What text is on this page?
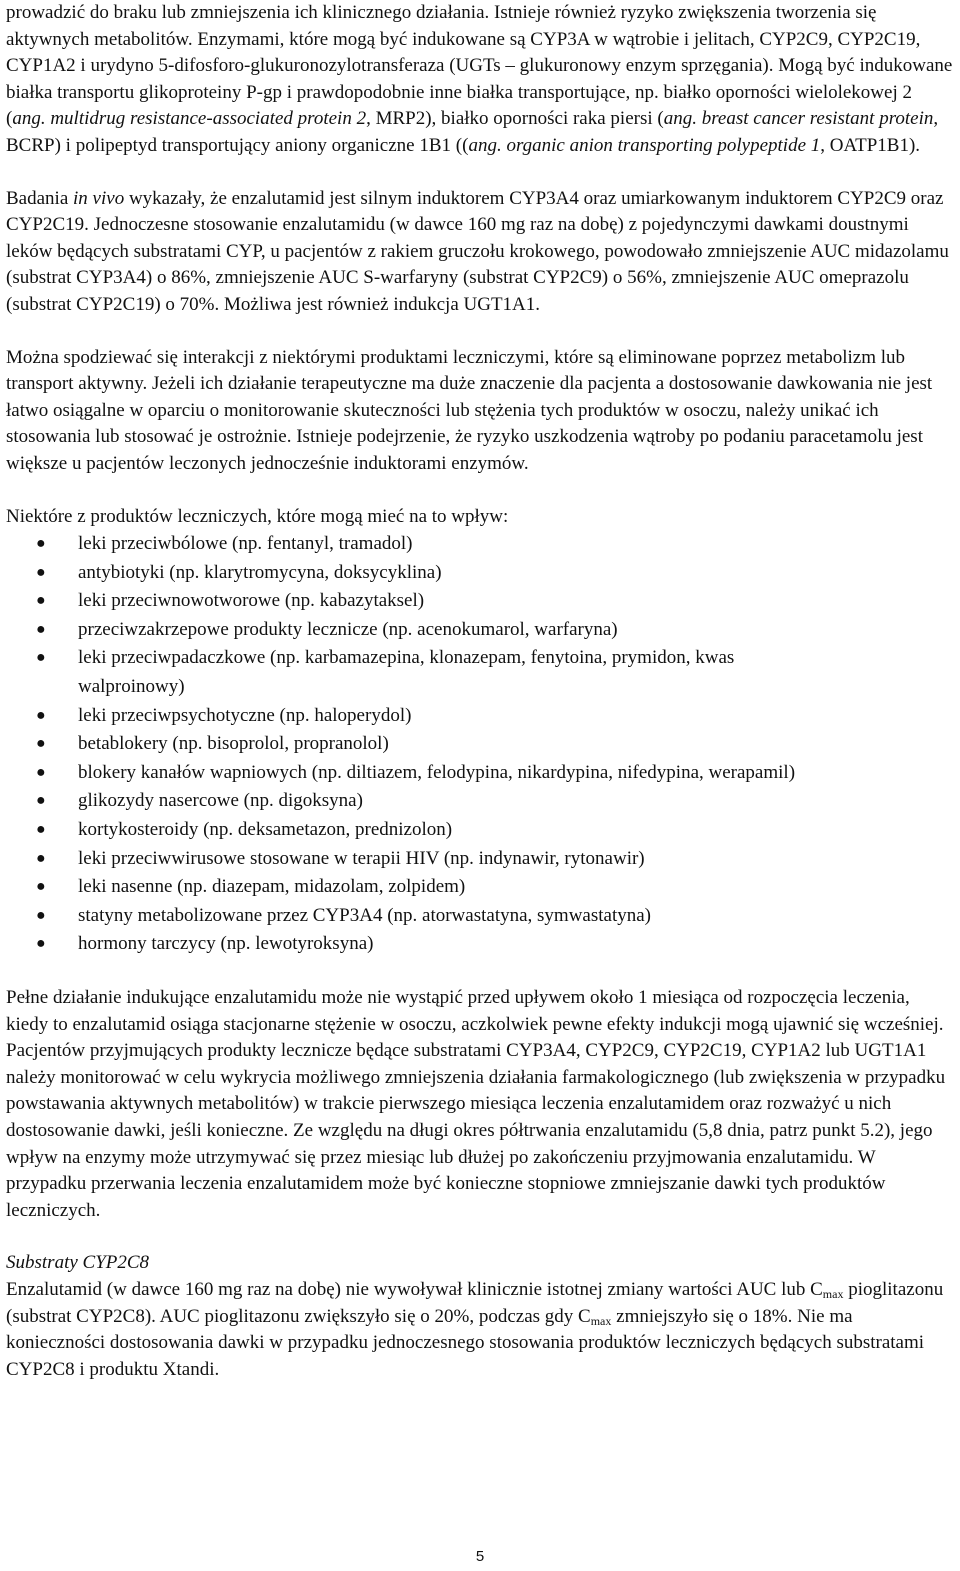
prowadzić do braku lub zmniejszenia ich klinicznego działania. Istnieje również ryzyko zwiększenia tworzenia się aktywnych metabolitów. Enzymami, które mogą być indukowane są CYP3A w wątrobie i jelitach, CYP2C9, CYP2C19, CYP1A2 i urydyno 5-difosforo-glukuronozylotransferaza (UGTs – glukuronowy enzym sprzęgania). Mogą być indukowane białka transportu glikoproteiny P-gp i prawdopodobnie inne białka transportujące, np. białko oporności wielolekowej 2 (ang. multidrug resistance-associated protein 2, MRP2), białko oporności raka piersi (ang. breast cancer resistant protein, BCRP) i polipeptyd transportujący aniony organiczne 1B1 ((ang. organic anion transporting polypeptide 1, OATP1B1).

Badania in vivo wykazały, że enzalutamid jest silnym induktorem CYP3A4 oraz umiarkowanym induktorem CYP2C9 oraz CYP2C19. Jednoczesne stosowanie enzalutamidu (w dawce 160 mg raz na dobę) z pojedynczymi dawkami doustnymi leków będących substratami CYP, u pacjentów z rakiem gruczołu krokowego, powodowało zmniejszenie AUC midazolamu (substrat CYP3A4) o 86%, zmniejszenie AUC S-warfaryny (substrat CYP2C9) o 56%, zmniejszenie AUC omeprazolu (substrat CYP2C19) o 70%. Możliwa jest również indukcja UGT1A1.

Można spodziewać się interakcji z niektórymi produktami leczniczymi, które są eliminowane poprzez metabolizm lub transport aktywny. Jeżeli ich działanie terapeutyczne ma duże znaczenie dla pacjenta a dostosowanie dawkowania nie jest łatwo osiągalne w oparciu o monitorowanie skuteczności lub stężenia tych produktów w osoczu, należy unikać ich stosowania lub stosować je ostrożnie. Istnieje podejrzenie, że ryzyko uszkodzenia wątroby po podaniu paracetamolu jest większe u pacjentów leczonych jednocześnie induktorami enzymów.

Niektóre z produktów leczniczych, które mogą mieć na to wpływ:

● leki przeciwbólowe (np. fentanyl, tramadol)
● antybiotyki (np. klarytromycyna, doksycyklina)
● leki przeciwnowotworowe (np. kabazytaksel)
● przeciwzakrzepowe produkty lecznicze (np. acenokumarol, warfaryna)
● leki przeciwpadaczkowe (np. karbamazepina, klonazepam, fenytoina, prymidon, kwas
walproinowy)
● leki przeciwpsychotyczne (np. haloperydol)
● betablokery (np. bisoprolol, propranolol)
● blokery kanałów wapniowych (np. diltiazem, felodypina, nikardypina, nifedypina, werapamil)
● glikozydy nasercowe (np. digoksyna)
● kortykosteroidy (np. deksametazon, prednizolon)
● leki przeciwwirusowe stosowane w terapii HIV (np. indynawir, rytonawir)
● leki nasenne (np. diazepam, midazolam, zolpidem)
● statyny metabolizowane przez CYP3A4 (np. atorwastatyna, symwastatyna)
● hormony tarczycy (np. lewotyroksyna)

Pełne działanie indukujące enzalutamidu może nie wystąpić przed upływem około 1 miesiąca od rozpoczęcia leczenia, kiedy to enzalutamid osiąga stacjonarne stężenie w osoczu, aczkolwiek pewne efekty indukcji mogą ujawnić się wcześniej. Pacjentów przyjmujących produkty lecznicze będące substratami CYP3A4, CYP2C9, CYP2C19, CYP1A2 lub UGT1A1 należy monitorować w celu wykrycia możliwego zmniejszenia działania farmakologicznego (lub zwiększenia w przypadku powstawania aktywnych metabolitów) w trakcie pierwszego miesiąca leczenia enzalutamidem oraz rozważyć u nich dostosowanie dawki, jeśli konieczne. Ze względu na długi okres półtrwania enzalutamidu (5,8 dnia, patrz punkt 5.2), jego wpływ na enzymy może utrzymywać się przez miesiąc lub dłużej po zakończeniu przyjmowania enzalutamidu. W przypadku przerwania leczenia enzalutamidem może być konieczne stopniowe zmniejszanie dawki tych produktów leczniczych.

Substraty CYP2C8

Enzalutamid (w dawce 160 mg raz na dobę) nie wywoływał klinicznie istotnej zmiany wartości AUC lub $C_{max}$ pioglitazonu (substrat CYP2C8). AUC pioglitazonu zwiększyło się o 20%, podczas gdy $C_{max}$ zmniejszyło się o 18%. Nie ma konieczności dostosowania dawki w przypadku jednoczesnego stosowania produktów leczniczych będących substratami CYP2C8 i produktu Xtandi.

5
